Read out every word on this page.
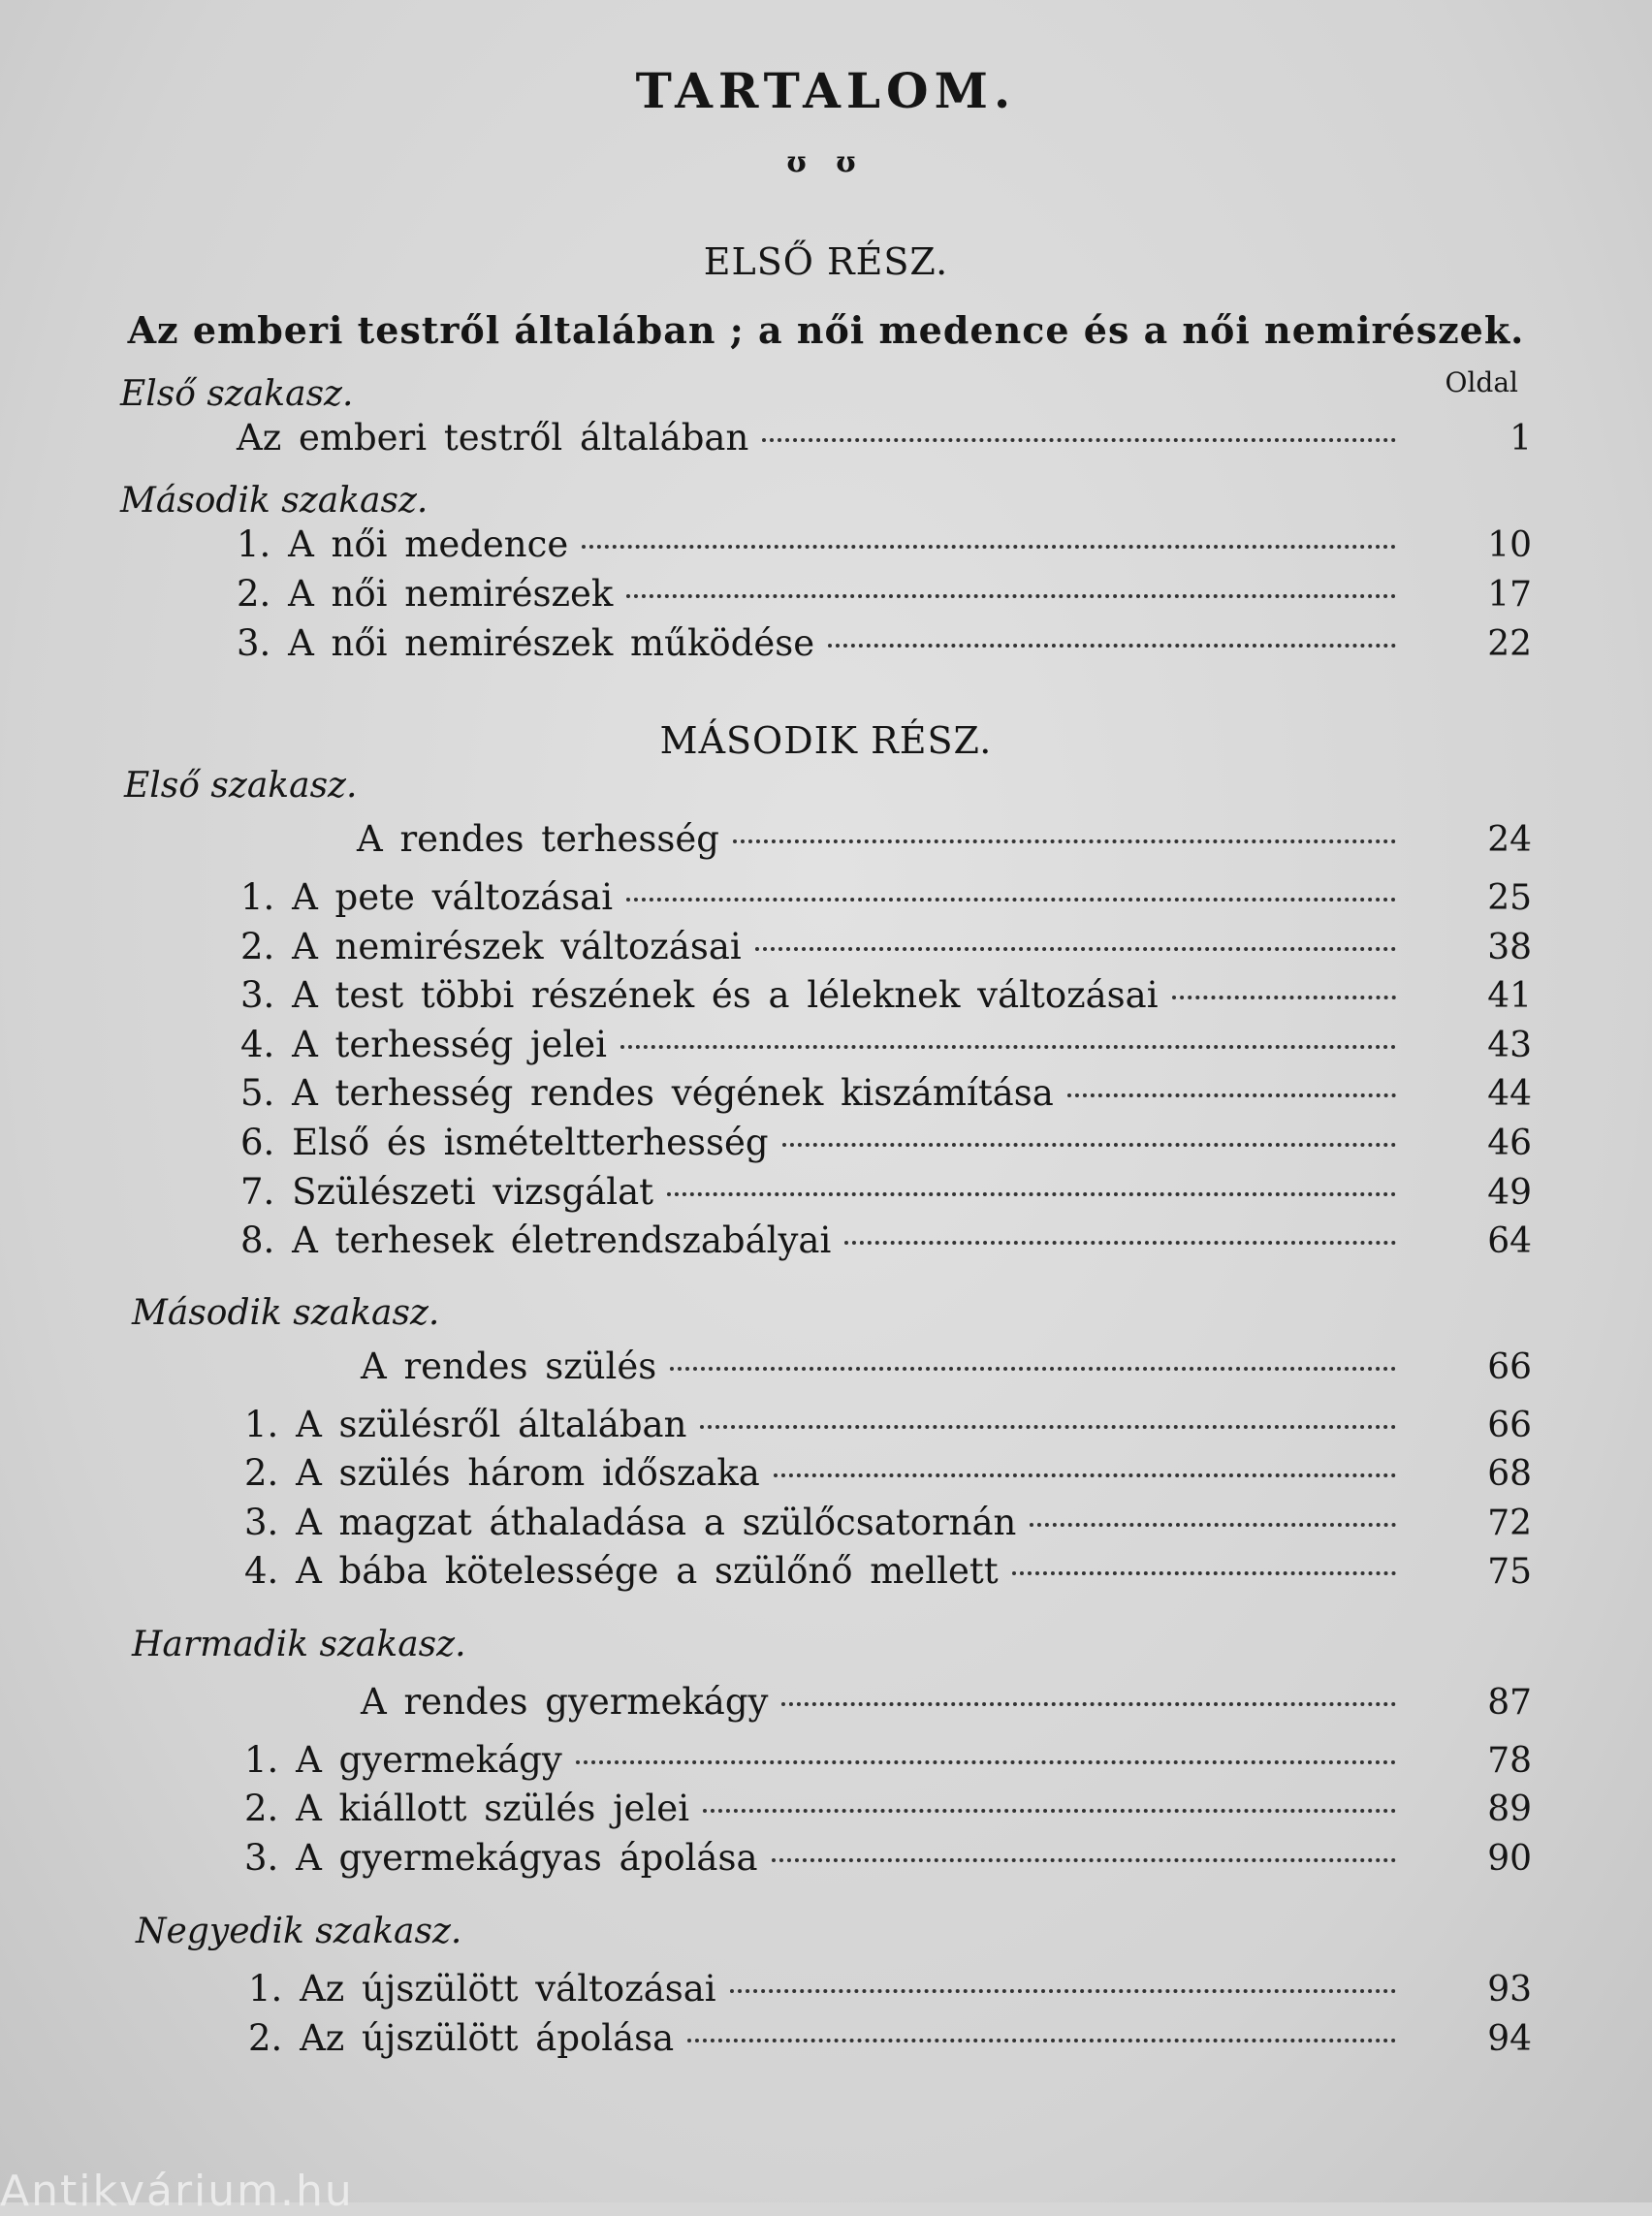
TARTALOM.
ʊ ʊ
ELSŐ RÉSZ.
Az emberi testről általában ; a női medence és a női nemirészek.
Oldal
Első szakasz.
Az emberi testről általában	1
Második szakasz.
1. A női medence	10
2. A női nemirészek	17
3. A női nemirészek működése	22
MÁSODIK RÉSZ.
Első szakasz.
A rendes terhesség	24
1. A pete változásai	25
2. A nemirészek változásai	38
3. A test többi részének és a léleknek változásai	41
4. A terhesség jelei	43
5. A terhesség rendes végének kiszámítása	44
6. Első és ismételtterhesség	46
7. Szülészeti vizsgálat	49
8. A terhesek életrendszabályai	64
Második szakasz.
A rendes szülés	66
1. A szülésről általában	66
2. A szülés három időszaka	68
3. A magzat áthaladása a szülőcsatornán	72
4. A bába kötelessége a szülőnő mellett	75
Harmadik szakasz.
A rendes gyermekágy	87
1. A gyermekágy	78
2. A kiállott szülés jelei	89
3. A gyermekágyas ápolása	90
Negyedik szakasz.
1. Az újszülött változásai	93
2. Az újszülött ápolása	94
Antikvárium.hu
